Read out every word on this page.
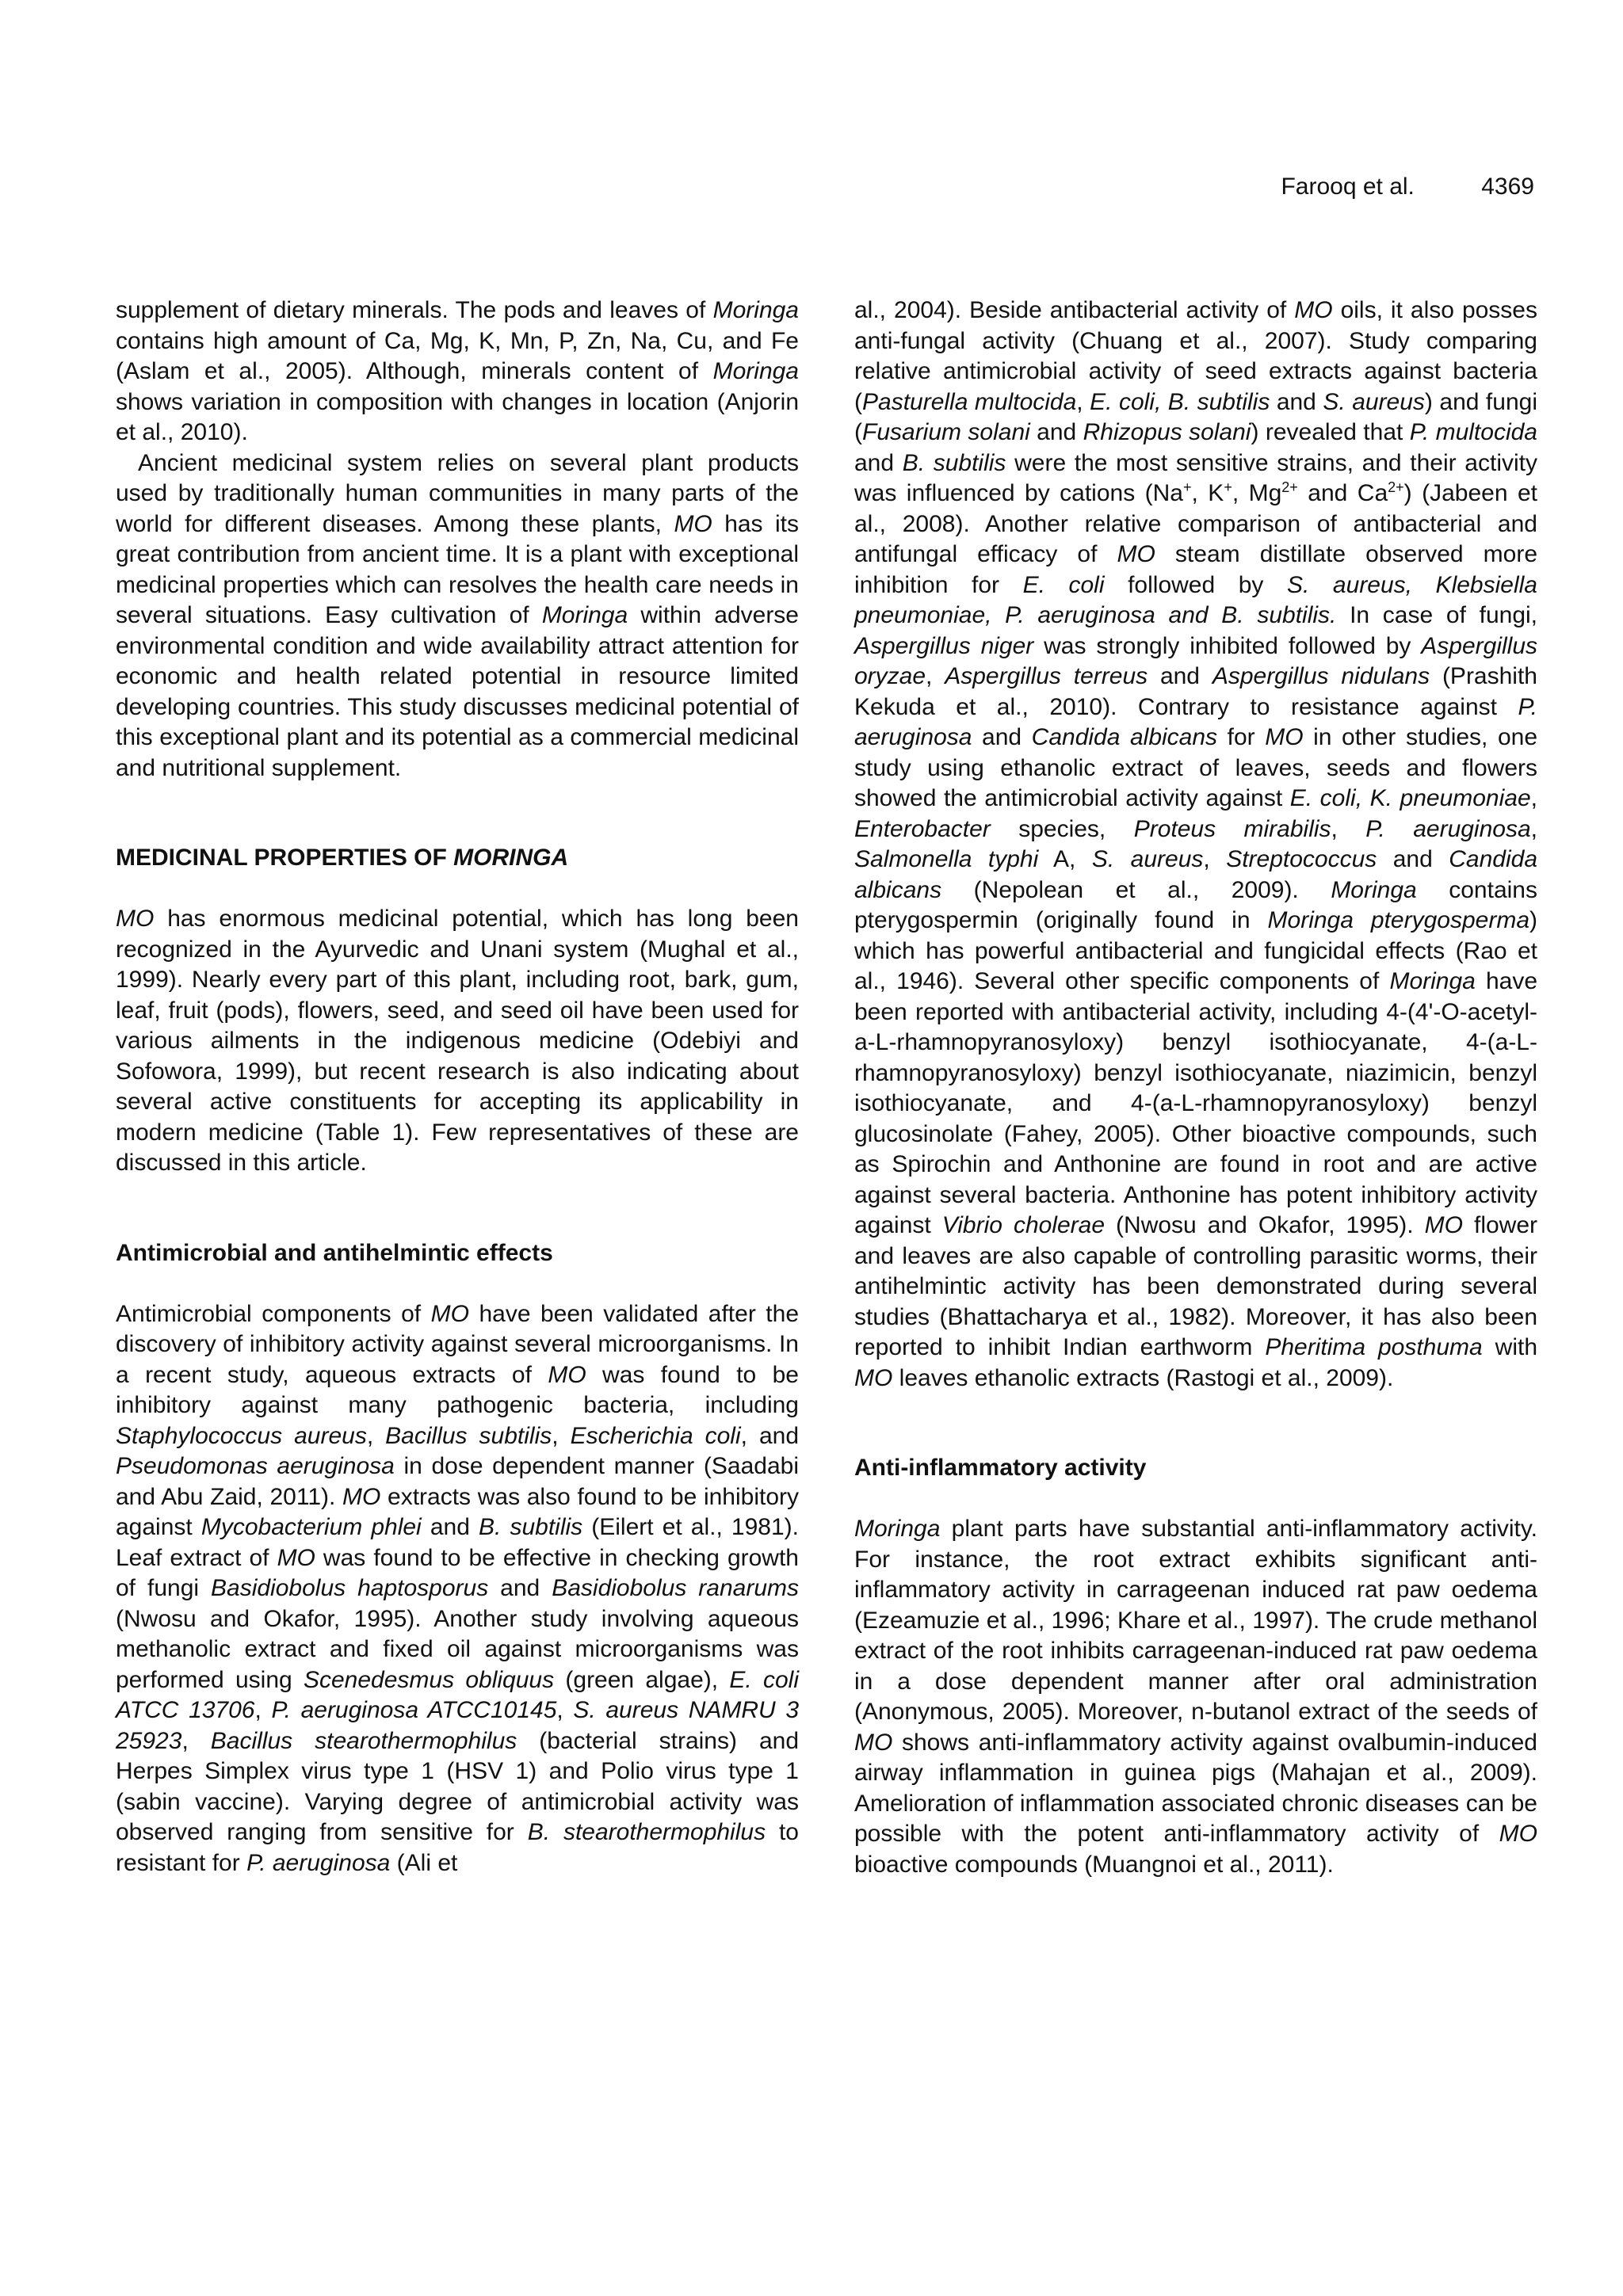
Farooq et al.	4369

supplement of dietary minerals. The pods and leaves of Moringa contains high amount of Ca, Mg, K, Mn, P, Zn, Na, Cu, and Fe (Aslam et al., 2005). Although, minerals content of Moringa shows variation in composition with changes in location (Anjorin et al., 2010).

Ancient medicinal system relies on several plant products used by traditionally human communities in many parts of the world for different diseases. Among these plants, MO has its great contribution from ancient time. It is a plant with exceptional medicinal properties which can resolves the health care needs in several situations. Easy cultivation of Moringa within adverse environmental condition and wide availability attract attention for economic and health related potential in resource limited developing countries. This study discusses medicinal potential of this exceptional plant and its potential as a commercial medicinal and nutritional supplement.

MEDICINAL PROPERTIES OF MORINGA

MO has enormous medicinal potential, which has long been recognized in the Ayurvedic and Unani system (Mughal et al., 1999). Nearly every part of this plant, including root, bark, gum, leaf, fruit (pods), flowers, seed, and seed oil have been used for various ailments in the indigenous medicine (Odebiyi and Sofowora, 1999), but recent research is also indicating about several active constituents for accepting its applicability in modern medicine (Table 1). Few representatives of these are discussed in this article.

Antimicrobial and antihelmintic effects

Antimicrobial components of MO have been validated after the discovery of inhibitory activity against several microorganisms. In a recent study, aqueous extracts of MO was found to be inhibitory against many pathogenic bacteria, including Staphylococcus aureus, Bacillus subtilis, Escherichia coli, and Pseudomonas aeruginosa in dose dependent manner (Saadabi and Abu Zaid, 2011). MO extracts was also found to be inhibitory against Mycobacterium phlei and B. subtilis (Eilert et al., 1981). Leaf extract of MO was found to be effective in checking growth of fungi Basidiobolus haptosporus and Basidiobolus ranarums (Nwosu and Okafor, 1995). Another study involving aqueous methanolic extract and fixed oil against microorganisms was performed using Scenedesmus obliquus (green algae), E. coli ATCC 13706, P. aeruginosa ATCC10145, S. aureus NAMRU 3 25923, Bacillus stearothermophilus (bacterial strains) and Herpes Simplex virus type 1 (HSV 1) and Polio virus type 1 (sabin vaccine). Varying degree of antimicrobial activity was observed ranging from sensitive for B. stearothermophilus to resistant for P. aeruginosa (Ali et

al., 2004). Beside antibacterial activity of MO oils, it also posses anti-fungal activity (Chuang et al., 2007). Study comparing relative antimicrobial activity of seed extracts against bacteria (Pasturella multocida, E. coli, B. subtilis and S. aureus) and fungi (Fusarium solani and Rhizopus solani) revealed that P. multocida and B. subtilis were the most sensitive strains, and their activity was influenced by cations (Na+, K+, $Mg^{2+}$ and $Ca^{2+}$) (Jabeen et al., 2008). Another relative comparison of antibacterial and antifungal efficacy of MO steam distillate observed more inhibition for E. coli followed by S. aureus, Klebsiella pneumoniae, P. aeruginosa and B. subtilis. In case of fungi, Aspergillus niger was strongly inhibited followed by Aspergillus oryzae, Aspergillus terreus and Aspergillus nidulans (Prashith Kekuda et al., 2010). Contrary to resistance against P. aeruginosa and Candida albicans for MO in other studies, one study using ethanolic extract of leaves, seeds and flowers showed the antimicrobial activity against E. coli, K. pneumoniae, Enterobacter species, Proteus mirabilis, P. aeruginosa, Salmonella typhi A, S. aureus, Streptococcus and Candida albicans (Nepolean et al., 2009). Moringa contains pterygospermin (originally found in Moringa pterygosperma) which has powerful antibacterial and fungicidal effects (Rao et al., 1946). Several other specific components of Moringa have been reported with antibacterial activity, including 4-(4'-O-acetyl-a-L-rhamnopyranosyloxy) benzyl isothiocyanate, 4-(a-L-rhamnopyranosyloxy) benzyl isothiocyanate, niazimicin, benzyl isothiocyanate, and 4-(a-L-rhamnopyranosyloxy) benzyl glucosinolate (Fahey, 2005). Other bioactive compounds, such as Spirochin and Anthonine are found in root and are active against several bacteria. Anthonine has potent inhibitory activity against Vibrio cholerae (Nwosu and Okafor, 1995). MO flower and leaves are also capable of controlling parasitic worms, their antihelmintic activity has been demonstrated during several studies (Bhattacharya et al., 1982). Moreover, it has also been reported to inhibit Indian earthworm Pheritima posthuma with MO leaves ethanolic extracts (Rastogi et al., 2009).

Anti-inflammatory activity

Moringa plant parts have substantial anti-inflammatory activity. For instance, the root extract exhibits significant anti-inflammatory activity in carrageenan induced rat paw oedema (Ezeamuzie et al., 1996; Khare et al., 1997). The crude methanol extract of the root inhibits carrageenan-induced rat paw oedema in a dose dependent manner after oral administration (Anonymous, 2005). Moreover, n-butanol extract of the seeds of MO shows anti-inflammatory activity against ovalbumin-induced airway inflammation in guinea pigs (Mahajan et al., 2009). Amelioration of inflammation associated chronic diseases can be possible with the potent anti-inflammatory activity of MO bioactive compounds (Muangnoi et al., 2011).
